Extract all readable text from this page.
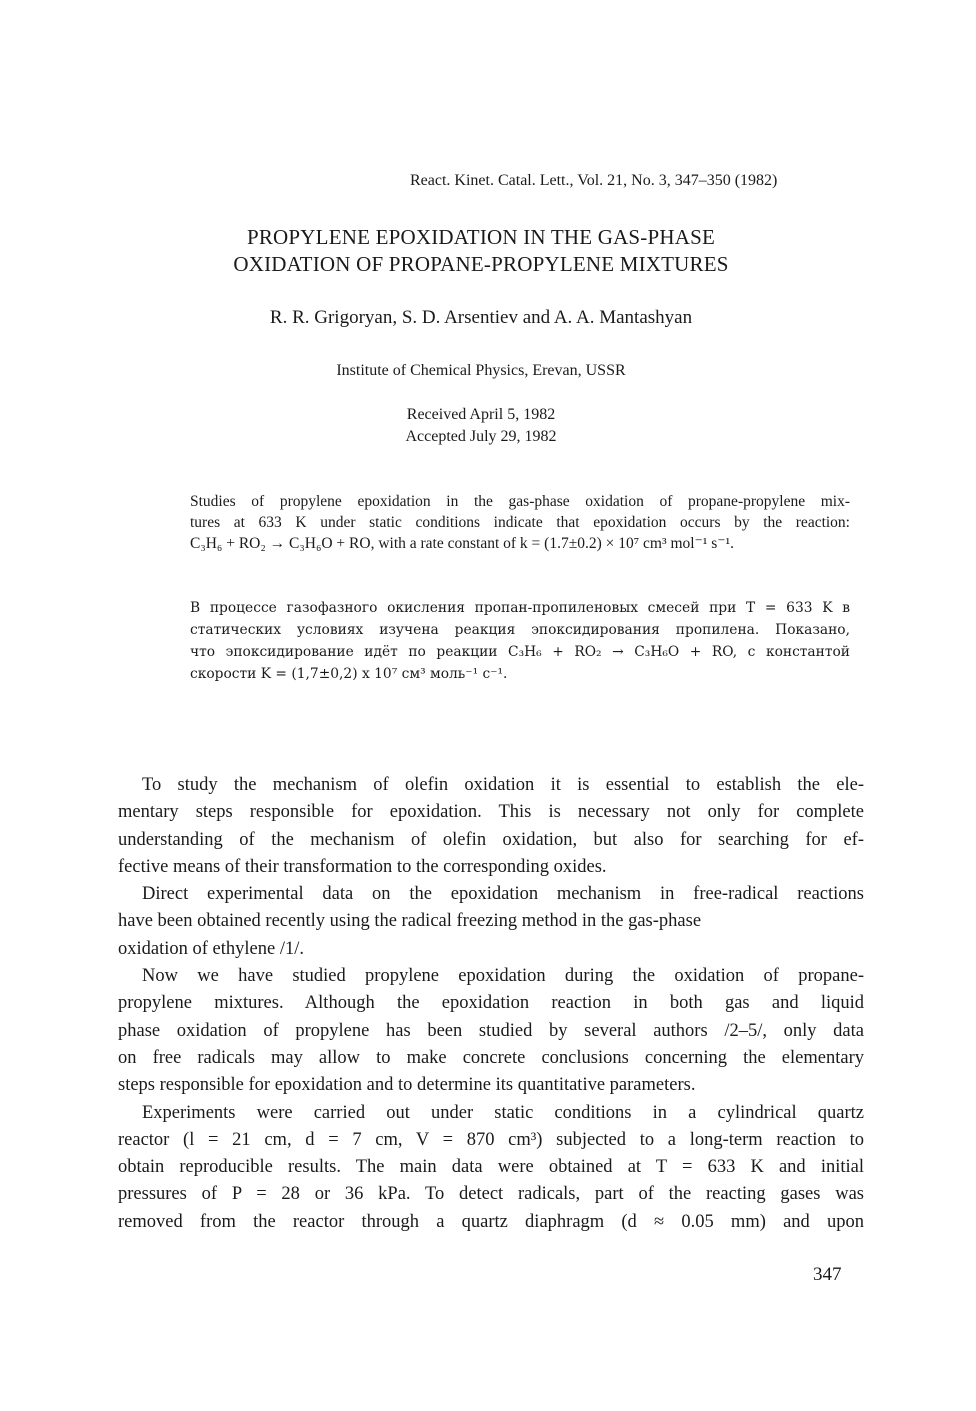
React. Kinet. Catal. Lett., Vol. 21, No. 3, 347–350 (1982)
PROPYLENE EPOXIDATION IN THE GAS-PHASE
OXIDATION OF PROPANE-PROPYLENE MIXTURES
R. R. Grigoryan, S. D. Arsentiev and A. A. Mantashyan
Institute of Chemical Physics, Erevan, USSR
Received April 5, 1982
Accepted July 29, 1982
Studies of propylene epoxidation in the gas-phase oxidation of propane-propylene mix-
tures at 633 K under static conditions indicate that epoxidation occurs by the reaction:
C₃H₆ + RO₂ → C₃H₆O + RO, with a rate constant of k = (1.7±0.2) × 10⁷ cm³ mol⁻¹ s⁻¹.
В процессе газофазного окисления пропан-пропиленовых смесей при T = 633 K в
статических условиях изучена реакция эпоксидирования пропилена. Показано,
что эпоксидирование идёт по реакции C₃H₆ + RO₂ → C₃H₆O + RO, с константой
скорости K = (1,7±0,2) x 10⁷ см³ моль⁻¹ с⁻¹.
To study the mechanism of olefin oxidation it is essential to establish the ele-
mentary steps responsible for epoxidation. This is necessary not only for complete
understanding of the mechanism of olefin oxidation, but also for searching for ef-
fective means of their transformation to the corresponding oxides.
Direct experimental data on the epoxidation mechanism in free-radical reactions
have been obtained recently using the radical freezing method in the gas-phase
oxidation of ethylene /1/.
Now we have studied propylene epoxidation during the oxidation of propane-
propylene mixtures. Although the epoxidation reaction in both gas and liquid
phase oxidation of propylene has been studied by several authors /2–5/, only data
on free radicals may allow to make concrete conclusions concerning the elementary
steps responsible for epoxidation and to determine its quantitative parameters.
Experiments were carried out under static conditions in a cylindrical quartz
reactor (l = 21 cm, d = 7 cm, V = 870 cm³) subjected to a long-term reaction to
obtain reproducible results. The main data were obtained at T = 633 K and initial
pressures of P = 28 or 36 kPa. To detect radicals, part of the reacting gases was
removed from the reactor through a quartz diaphragm (d ≈ 0.05 mm) and upon
347
